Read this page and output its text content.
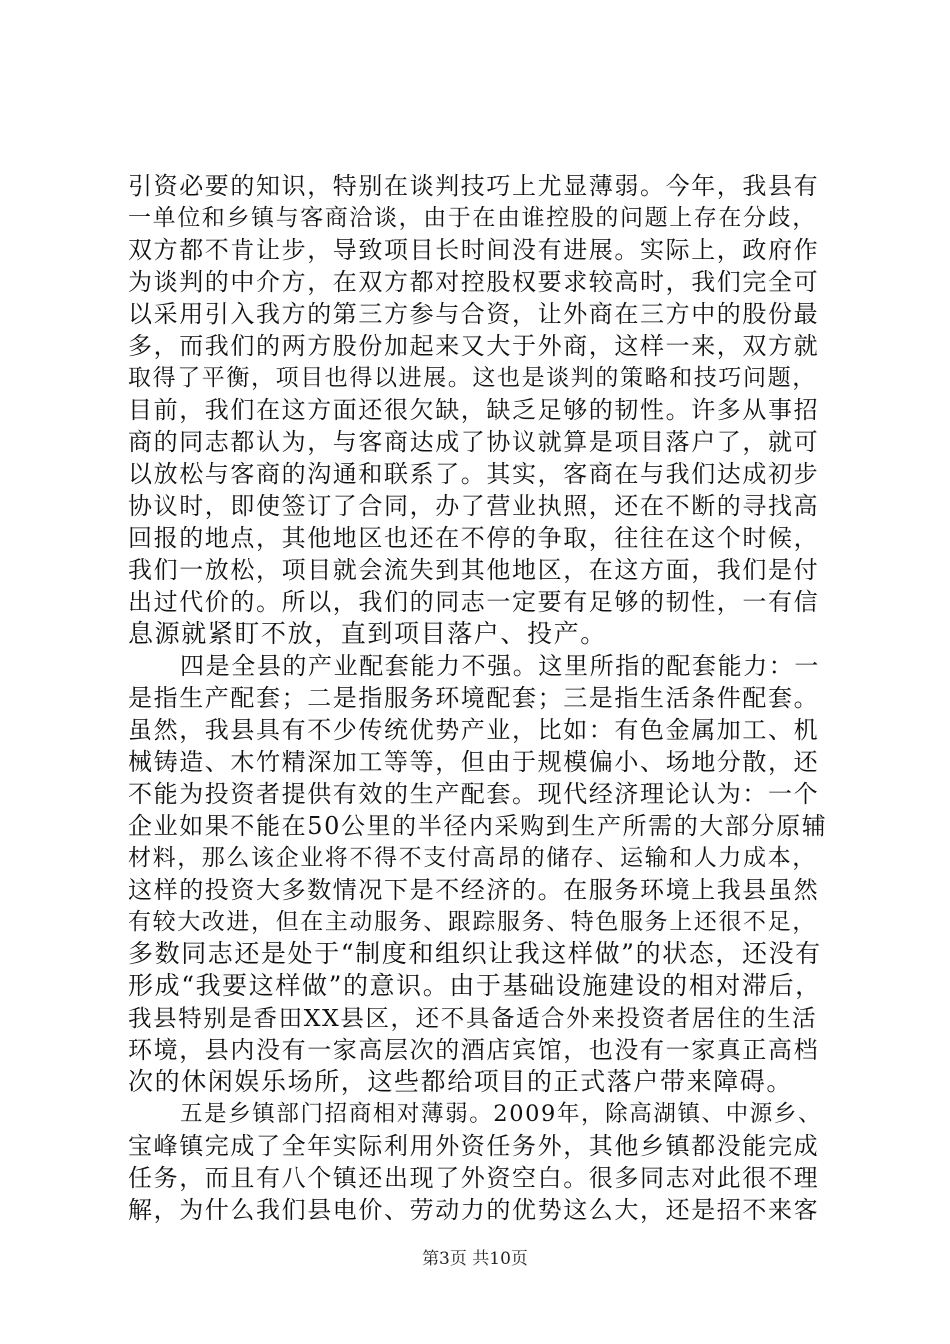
引资必要的知识，特别在谈判技巧上尤显薄弱。今年，我县有
一单位和乡镇与客商洽谈，由于在由谁控股的问题上存在分歧，
双方都不肯让步，导致项目长时间没有进展。实际上，政府作
为谈判的中介方，在双方都对控股权要求较高时，我们完全可
以采用引入我方的第三方参与合资，让外商在三方中的股份最
多，而我们的两方股份加起来又大于外商，这样一来，双方就
取得了平衡，项目也得以进展。这也是谈判的策略和技巧问题，
目前，我们在这方面还很欠缺，缺乏足够的韧性。许多从事招
商的同志都认为，与客商达成了协议就算是项目落户了，就可
以放松与客商的沟通和联系了。其实，客商在与我们达成初步
协议时，即使签订了合同，办了营业执照，还在不断的寻找高
回报的地点，其他地区也还在不停的争取，往往在这个时候，
我们一放松，项目就会流失到其他地区，在这方面，我们是付
出过代价的。所以，我们的同志一定要有足够的韧性，一有信
息源就紧盯不放，直到项目落户、投产。
四是全县的产业配套能力不强。这里所指的配套能力：一
是指生产配套；二是指服务环境配套；三是指生活条件配套。
虽然，我县具有不少传统优势产业，比如：有色金属加工、机
械铸造、木竹精深加工等等，但由于规模偏小、场地分散，还
不能为投资者提供有效的生产配套。现代经济理论认为：一个
企业如果不能在50公里的半径内采购到生产所需的大部分原辅
材料，那么该企业将不得不支付高昂的储存、运输和人力成本，
这样的投资大多数情况下是不经济的。在服务环境上我县虽然
有较大改进，但在主动服务、跟踪服务、特色服务上还很不足，
多数同志还是处于“制度和组织让我这样做”的状态，还没有
形成“我要这样做”的意识。由于基础设施建设的相对滞后，
我县特别是香田XX县区，还不具备适合外来投资者居住的生活
环境，县内没有一家高层次的酒店宾馆，也没有一家真正高档
次的休闲娱乐场所，这些都给项目的正式落户带来障碍。
五是乡镇部门招商相对薄弱。2009年，除高湖镇、中源乡、
宝峰镇完成了全年实际利用外资任务外，其他乡镇都没能完成
任务，而且有八个镇还出现了外资空白。很多同志对此很不理
解，为什么我们县电价、劳动力的优势这么大，还是招不来客
第3页 共10页
